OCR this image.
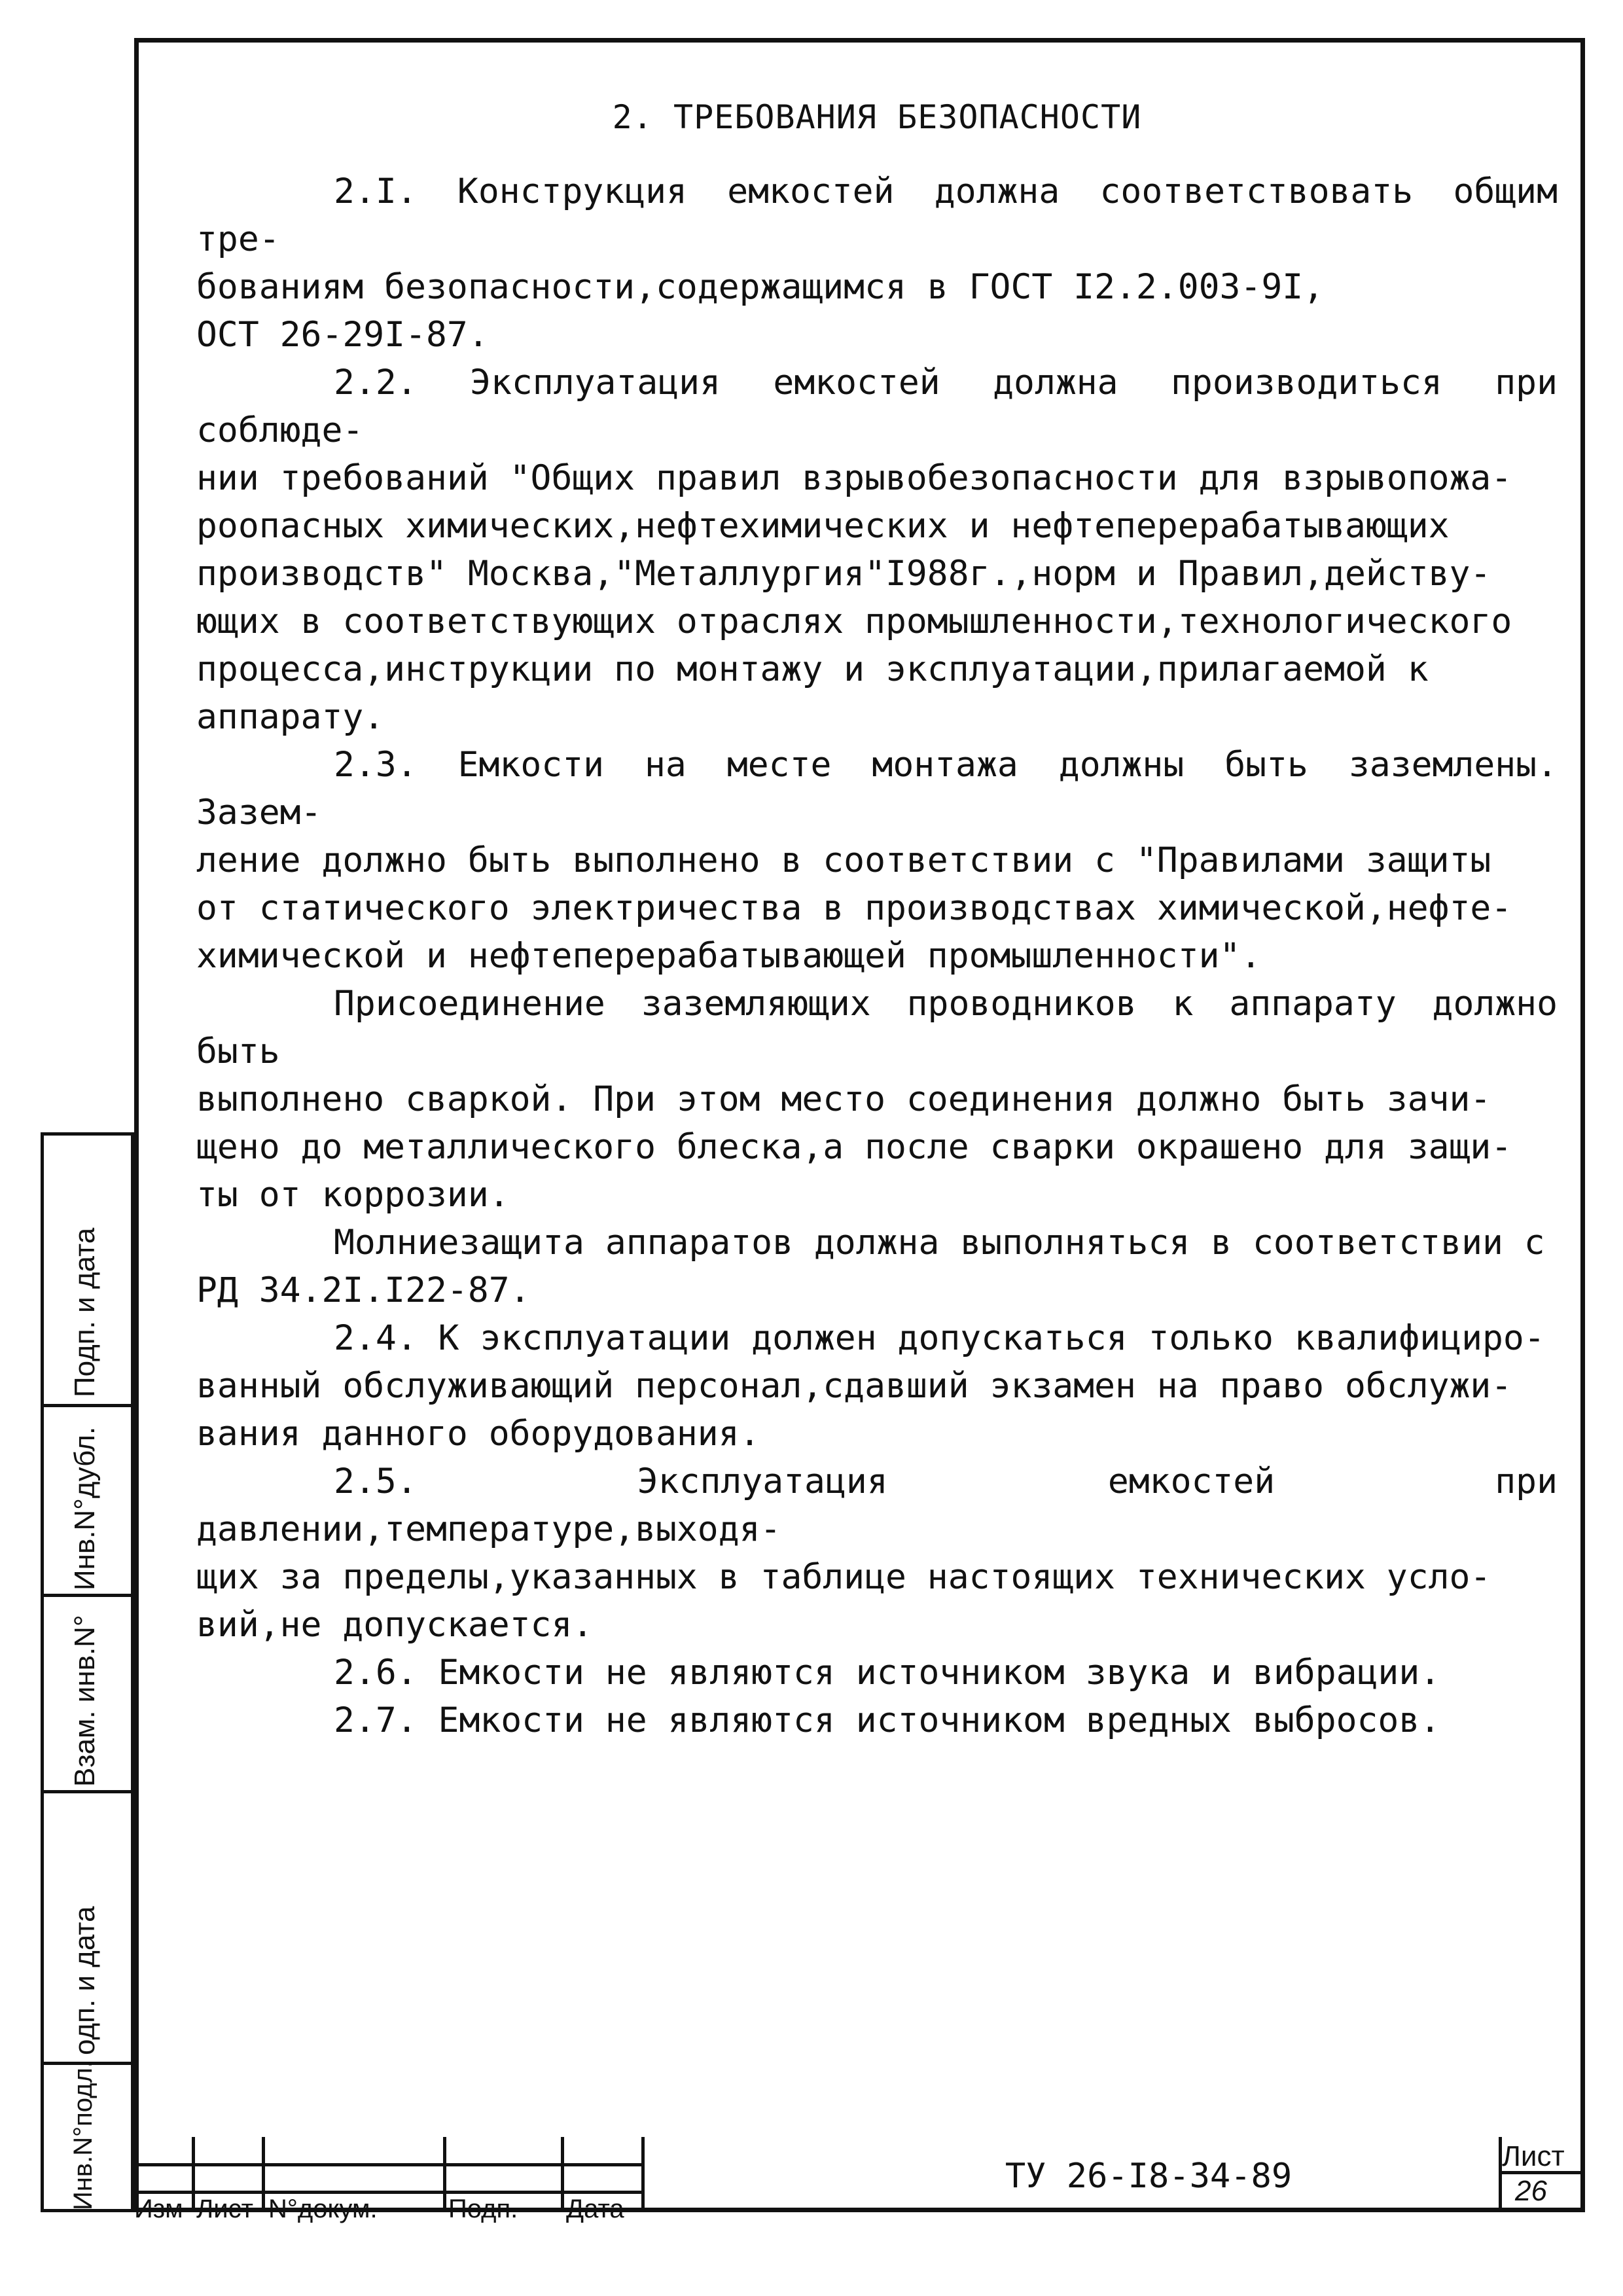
2. ТРЕБОВАНИЯ БЕЗОПАСНОСТИ

2.I. Конструкция емкостей должна соответствовать общим тре-
бованиям безопасности,содержащимся в ГОСТ I2.2.003-9I,
ОСТ 26-29I-87.

2.2. Эксплуатация емкостей должна производиться при соблюде-
нии требований "Общих правил взрывобезопасности для взрывопожа-
роопасных химических,нефтехимических и нефтеперерабатывающих
производств" Москва,"Металлургия"I988г.,норм и Правил,действу-
ющих в соответствующих отраслях промышленности,технологического
процесса,инструкции по монтажу и эксплуатации,прилагаемой к
аппарату.

2.3. Емкости на месте монтажа должны быть заземлены. Зазем-
ление должно быть выполнено в соответствии с "Правилами защиты
от статического электричества в производствах химической,нефте-
химической и нефтеперерабатывающей промышленности".

Присоединение заземляющих проводников к аппарату должно быть
выполнено сваркой. При этом место соединения должно быть зачи-
щено до металлического блеска,а после сварки окрашено для защи-
ты от коррозии.

Молниезащита аппаратов должна выполняться в соответствии с
РД 34.2I.I22-87.

2.4. К эксплуатации должен допускаться только квалифициро-
ванный обслуживающий персонал,сдавший экзамен на право обслужи-
вания данного оборудования.

2.5. Эксплуатация емкостей при давлении,температуре,выходя-
щих за пределы,указанных в таблице настоящих технических усло-
вий,не допускается.

2.6. Емкости не являются источником звука и вибрации.

2.7. Емкости не являются источником вредных выбросов.

Подп. и дата
Инв.N°дубл.
Взам. инв.N°
одп. и дата
Инв.N°подл. Изм Лист N°докум.	Подп. Дата
ТУ 26-I8-34-89
Лист
26
